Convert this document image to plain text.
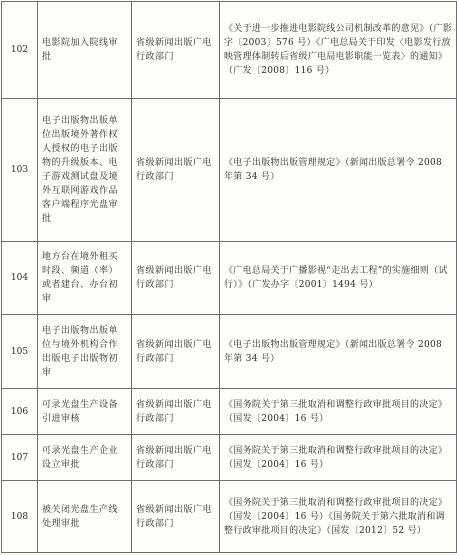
102	电影院加入院线审批	省级新闻出版广电行政部门	《关于进一步推进电影院线公司机制改革的意见》（广影字〔2003〕576 号）《广电总局关于印发〈电影发行放映管理体制转后省级广电局电影职能一览表〉的通知》（广发〔2008〕116 号）
103	电子出版物出版单位出版境外著作权人授权的电子出版物的升级版本、电子游戏测试盘及境外互联网游戏作品客户端程序光盘审批	省级新闻出版广电行政部门	《电子出版物出版管理规定》（新闻出版总署令 2008 年第 34 号）
104	地方台在境外租买时段、频道（率）或者建台、办台初审	省级新闻出版广电行政部门	《广电总局关于广播影视“走出去工程”的实施细则（试行）》（广发办字〔2001〕1494 号）
105	电子出版物出版单位与境外机构合作出版电子出版物初审	省级新闻出版广电行政部门	《电子出版物出版管理规定》（新闻出版总署令 2008 年第 34 号）
106	可录光盘生产设备引进审核	省级新闻出版广电行政部门	《国务院关于第三批取消和调整行政审批项目的决定》（国发〔2004〕16 号）
107	可录光盘生产企业设立审批	省级新闻出版广电行政部门	《国务院关于第三批取消和调整行政审批项目的决定》（国发〔2004〕16 号）
108	被关闭光盘生产线处理审批	省级新闻出版广电行政部门	《国务院关于第三批取消和调整行政审批项目的决定》（国发〔2004〕16 号）《国务院关于第六批取消和调整行政审批项目的决定》（国发〔2012〕52 号）
